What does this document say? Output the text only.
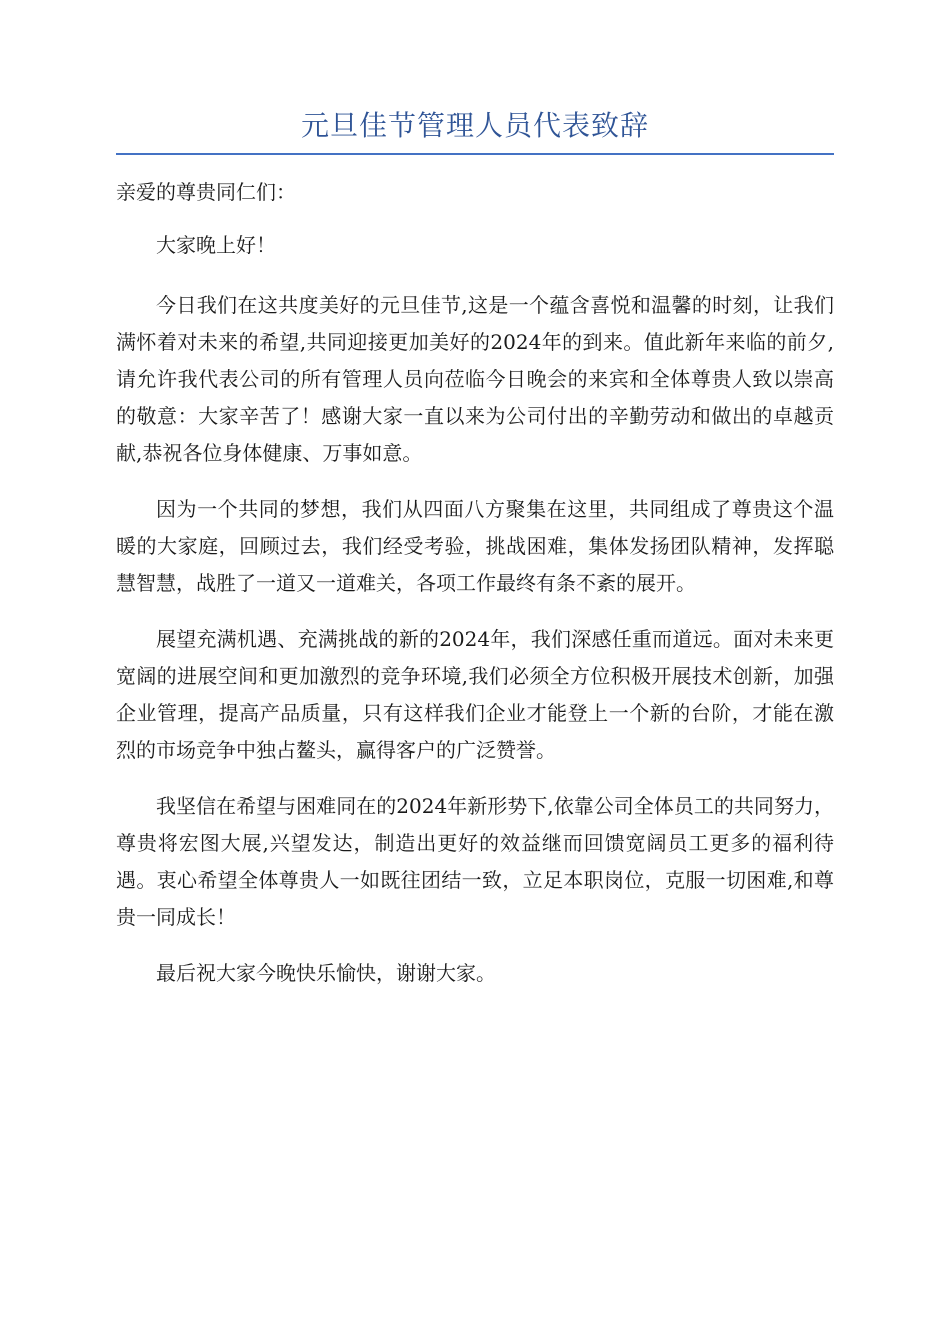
元旦佳节管理人员代表致辞
亲爱的尊贵同仁们：

大家晚上好！

今日我们在这共度美好的元旦佳节,这是一个蕴含喜悦和温馨的时刻，让我们满怀着对未来的希望,共同迎接更加美好的2024年的到来。值此新年来临的前夕,请允许我代表公司的所有管理人员向莅临今日晚会的来宾和全体尊贵人致以崇高的敬意：大家辛苦了！感谢大家一直以来为公司付出的辛勤劳动和做出的卓越贡献,恭祝各位身体健康、万事如意。

因为一个共同的梦想，我们从四面八方聚集在这里，共同组成了尊贵这个温暖的大家庭，回顾过去，我们经受考验，挑战困难，集体发扬团队精神，发挥聪慧智慧，战胜了一道又一道难关，各项工作最终有条不紊的展开。

展望充满机遇、充满挑战的新的2024年，我们深感任重而道远。面对未来更宽阔的进展空间和更加激烈的竞争环境,我们必须全方位积极开展技术创新，加强企业管理，提高产品质量，只有这样我们企业才能登上一个新的台阶，才能在激烈的市场竞争中独占鳌头，赢得客户的广泛赞誉。

我坚信在希望与困难同在的2024年新形势下,依靠公司全体员工的共同努力，尊贵将宏图大展,兴望发达，制造出更好的效益继而回馈宽阔员工更多的福利待遇。衷心希望全体尊贵人一如既往团结一致，立足本职岗位，克服一切困难,和尊贵一同成长！

最后祝大家今晚快乐愉快，谢谢大家。
